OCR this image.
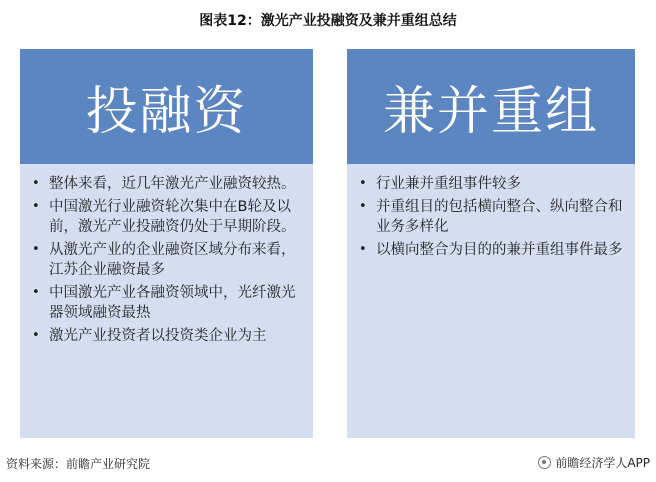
图表12：激光产业投融资及兼并重组总结
投融资
• 整体来看，近几年激光产业融资较热。
• 中国激光行业融资轮次集中在B轮及以前，激光产业投融资仍处于早期阶段。
• 从激光产业的企业融资区域分布来看，江苏企业融资最多
• 中国激光产业各融资领域中，光纤激光器领域融资最热
• 激光产业投资者以投资类企业为主
兼并重组
• 行业兼并重组事件较多
• 并重组目的包括横向整合、纵向整合和业务多样化
• 以横向整合为目的的兼并重组事件最多
资料来源：前瞻产业研究院	前瞻经济学人APP
